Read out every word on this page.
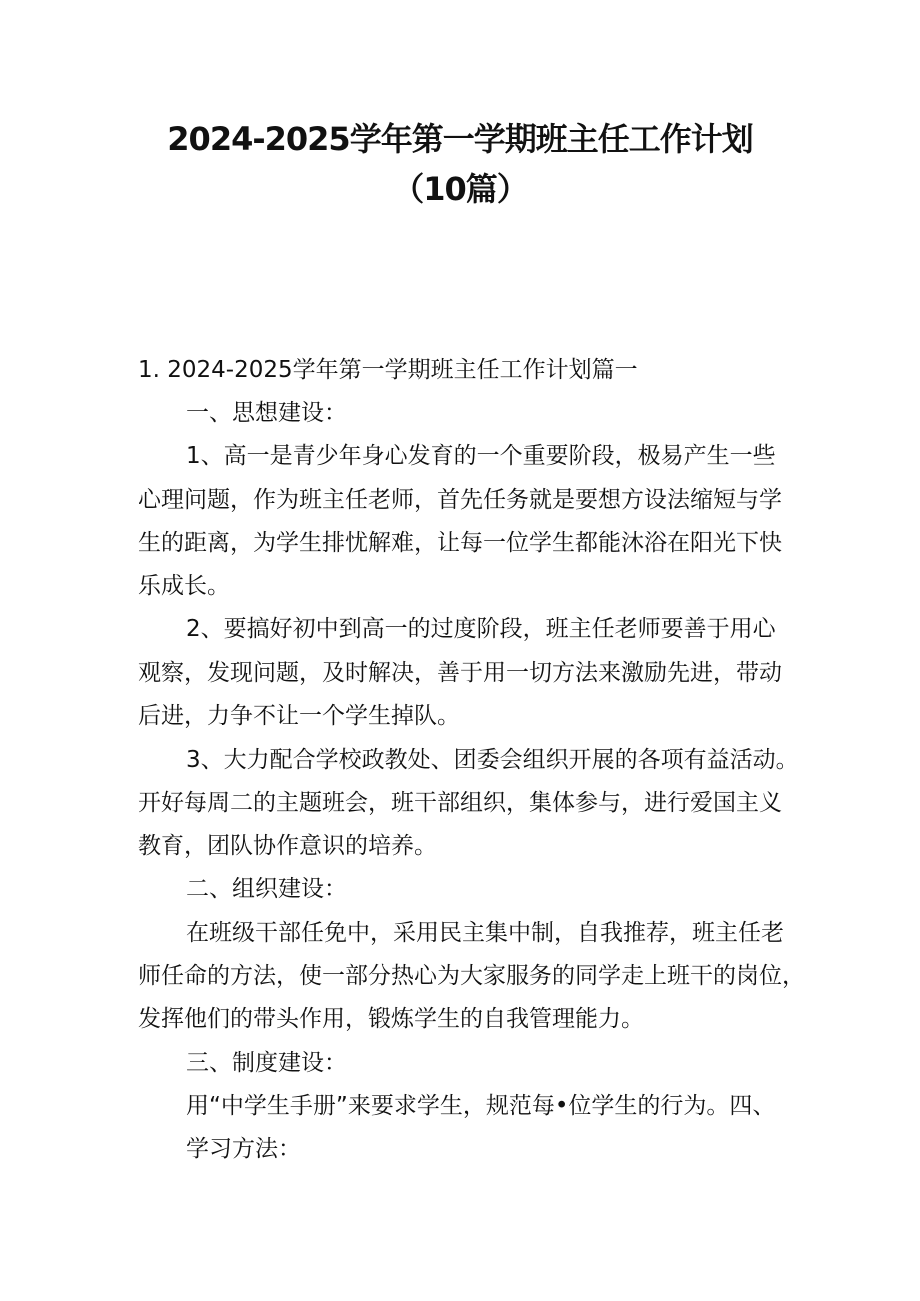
2024-2025学年第一学期班主任工作计划
（10篇）
1. 2024-2025学年第一学期班主任工作计划篇一
一、思想建设：
1、高一是青少年身心发育的一个重要阶段，极易产生一些
心理问题，作为班主任老师，首先任务就是要想方设法缩短与学
生的距离，为学生排忧解难，让每一位学生都能沐浴在阳光下快
乐成长。
2、要搞好初中到高一的过度阶段，班主任老师要善于用心
观察，发现问题，及时解决，善于用一切方法来激励先进，带动
后进，力争不让一个学生掉队。
3、大力配合学校政教处、团委会组织开展的各项有益活动。
开好每周二的主题班会，班干部组织，集体参与，进行爱国主义
教育，团队协作意识的培养。
二、组织建设：
在班级干部任免中，采用民主集中制，自我推荐，班主任老
师任命的方法，使一部分热心为大家服务的同学走上班干的岗位，
发挥他们的带头作用，锻炼学生的自我管理能力。
三、制度建设：
用“中学生手册”来要求学生，规范每•位学生的行为。四、
学习方法：
